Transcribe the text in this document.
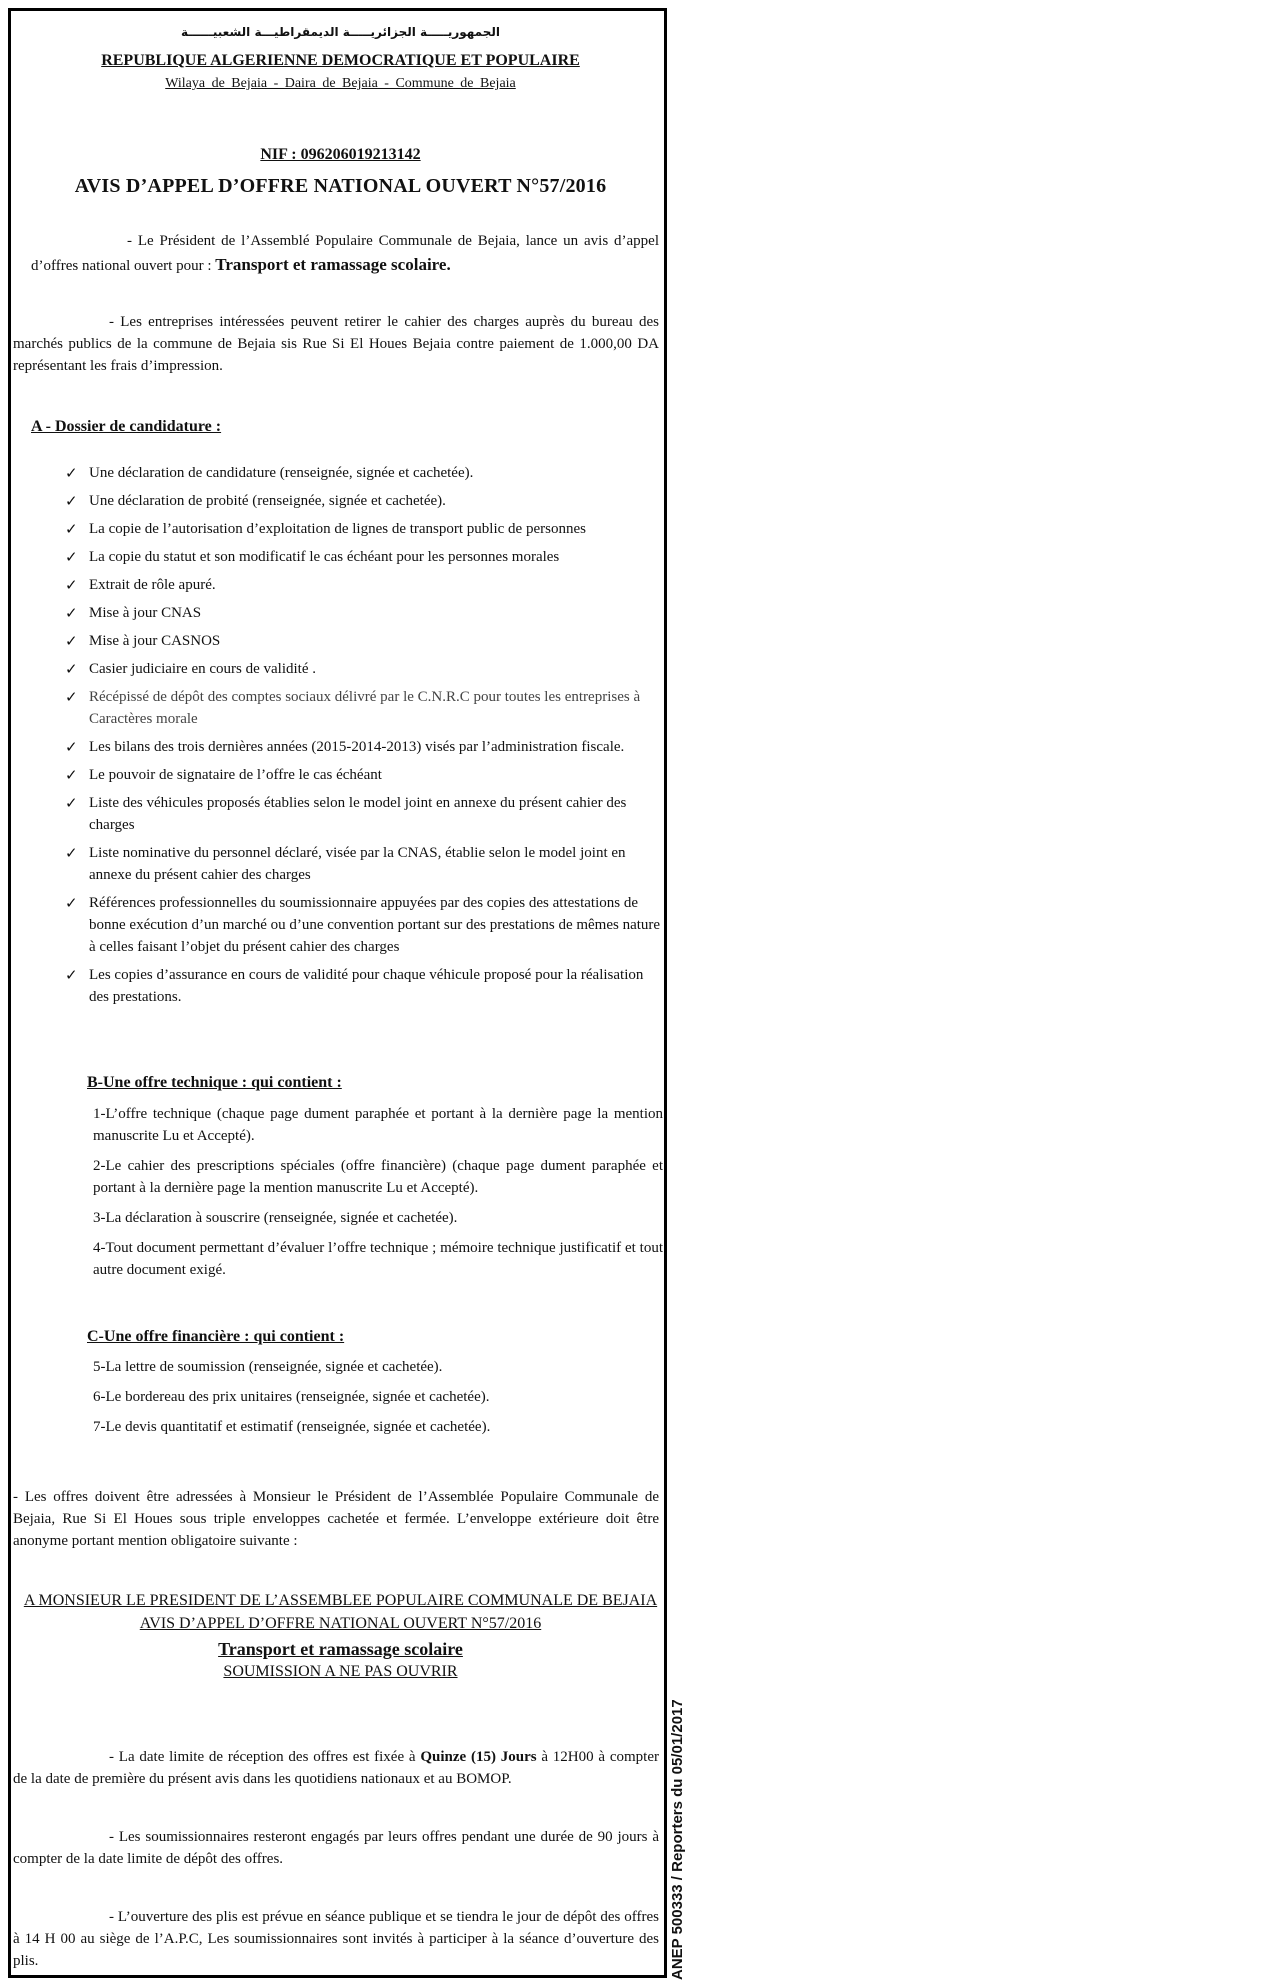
الجمهوريـــــة الجزائريـــــة الديمقراطيـــة الشعبيــــــة
REPUBLIQUE ALGERIENNE DEMOCRATIQUE ET POPULAIRE
Wilaya de Bejaia - Daira de Bejaia - Commune de Bejaia
NIF : 096206019213142
AVIS D’APPEL D’OFFRE NATIONAL OUVERT N°57/2016
- Le Président de l’Assemblé Populaire Communale de Bejaia, lance un avis d’appel d’offres national ouvert pour : Transport et ramassage scolaire.
- Les entreprises intéressées peuvent retirer le cahier des charges auprès du bureau des marchés publics de la commune de Bejaia sis Rue Si El Houes Bejaia contre paiement de 1.000,00 DA représentant les frais d’impression.
A - Dossier de candidature :
✓ Une déclaration de candidature (renseignée, signée et cachetée).
✓ Une déclaration de probité (renseignée, signée et cachetée).
✓ La copie de l’autorisation d’exploitation de lignes de transport public de personnes
✓ La copie du statut et son modificatif le cas échéant pour les personnes morales
✓ Extrait de rôle apuré.
✓ Mise à jour CNAS
✓ Mise à jour CASNOS
✓ Casier judiciaire en cours de validité .
✓ Récépissé de dépôt des comptes sociaux délivré par le C.N.R.C pour toutes les entreprises à Caractères morale
✓ Les bilans des trois dernières années (2015-2014-2013) visés par l’administration fiscale.
✓ Le pouvoir de signataire de l’offre le cas échéant
✓ Liste des véhicules proposés établies selon le model joint en annexe du présent cahier des charges
✓ Liste nominative du personnel déclaré, visée par la CNAS, établie selon le model joint en annexe du présent cahier des charges
✓ Références professionnelles du soumissionnaire appuyées par des copies des attestations de bonne exécution d’un marché ou d’une convention portant sur des prestations de mêmes nature à celles faisant l’objet du présent cahier des charges
✓ Les copies d’assurance en cours de validité pour chaque véhicule proposé pour la réalisation des prestations.
B-Une offre technique : qui contient :
1-L’offre technique (chaque page dument paraphée et portant à la dernière page la mention manuscrite Lu et Accepté).
2-Le cahier des prescriptions spéciales (offre financière) (chaque page dument paraphée et portant à la dernière page la mention manuscrite Lu et Accepté).
3-La déclaration à souscrire (renseignée, signée et cachetée).
4-Tout document permettant d’évaluer l’offre technique ; mémoire technique justificatif et tout autre document exigé.
C-Une offre financière : qui contient :
5-La lettre de soumission (renseignée, signée et cachetée).
6-Le bordereau des prix unitaires (renseignée, signée et cachetée).
7-Le devis quantitatif et estimatif (renseignée, signée et cachetée).
- Les offres doivent être adressées à Monsieur le Président de l’Assemblée Populaire Communale de Bejaia, Rue Si El Houes sous triple enveloppes cachetée et fermée. L’enveloppe extérieure doit être anonyme portant mention obligatoire suivante :
A MONSIEUR LE PRESIDENT DE L’ASSEMBLEE POPULAIRE COMMUNALE DE BEJAIA
AVIS D’APPEL D’OFFRE NATIONAL OUVERT N°57/2016
Transport et ramassage scolaire
SOUMISSION A NE PAS OUVRIR
- La date limite de réception des offres est fixée à Quinze (15) Jours à 12H00 à compter de la date de première du présent avis dans les quotidiens nationaux et au BOMOP.
- Les soumissionnaires resteront engagés par leurs offres pendant une durée de 90 jours à compter de la date limite de dépôt des offres.
- L’ouverture des plis est prévue en séance publique et se tiendra le jour de dépôt des offres à 14 H 00 au siège de l’A.P.C, Les soumissionnaires sont invités à participer à la séance d’ouverture des plis.	ANEP 500333 / Reporters du 05/01/2017
